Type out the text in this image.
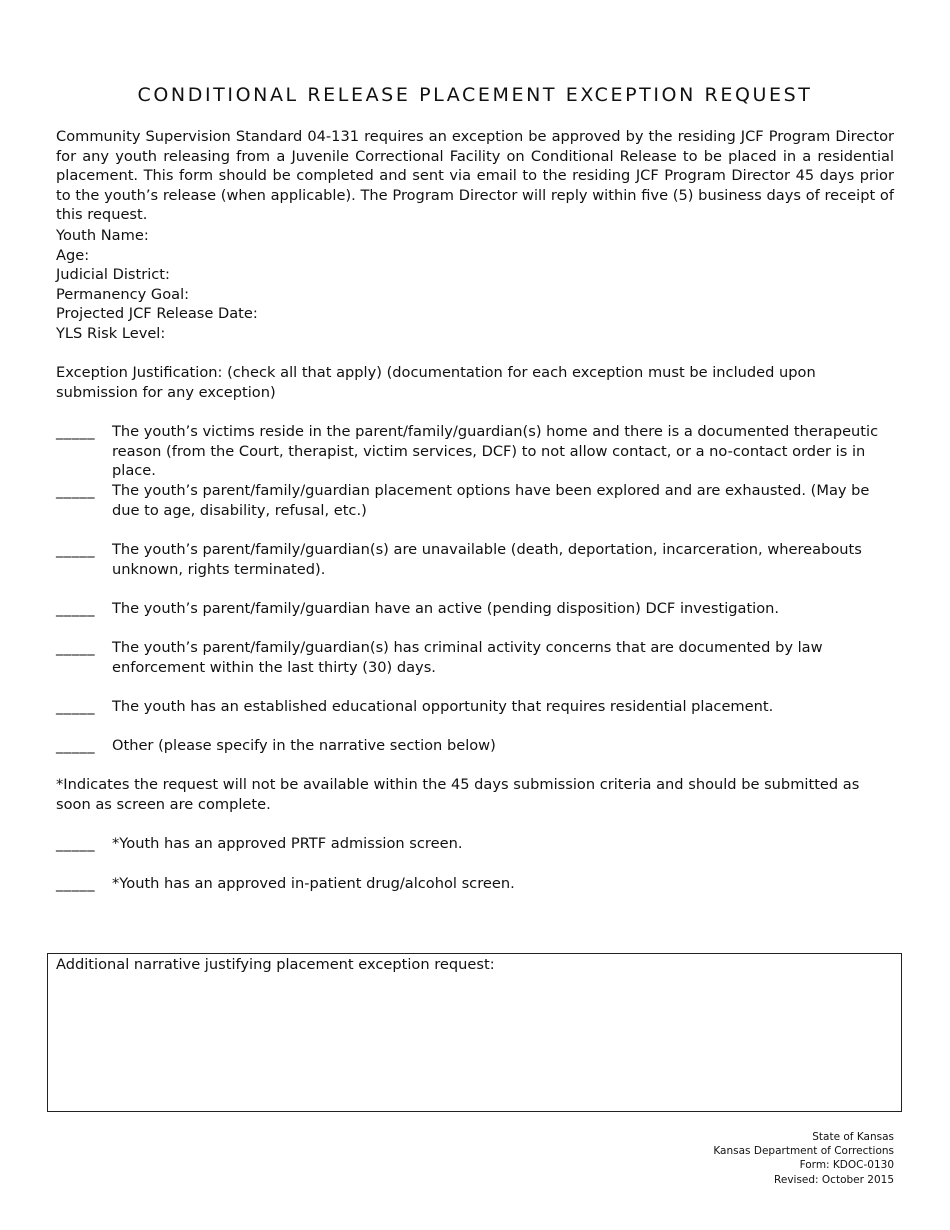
CONDITIONAL RELEASE PLACEMENT EXCEPTION REQUEST

Community Supervision Standard 04-131 requires an exception be approved by the residing JCF Program Director for any youth releasing from a Juvenile Correctional Facility on Conditional Release to be placed in a residential placement. This form should be completed and sent via email to the residing JCF Program Director 45 days prior to the youth’s release (when applicable). The Program Director will reply within five (5) business days of receipt of this request.

Youth Name:
Age:
Judicial District:
Permanency Goal:
Projected JCF Release Date:
YLS Risk Level:

Exception Justification: (check all that apply) (documentation for each exception must be included upon submission for any exception)

_____ The youth’s victims reside in the parent/family/guardian(s) home and there is a documented therapeutic reason (from the Court, therapist, victim services, DCF) to not allow contact, or a no-contact order is in place.
_____ The youth’s parent/family/guardian placement options have been explored and are exhausted. (May be due to age, disability, refusal, etc.)
_____ The youth’s parent/family/guardian(s) are unavailable (death, deportation, incarceration, whereabouts unknown, rights terminated).
_____ The youth’s parent/family/guardian have an active (pending disposition) DCF investigation.
_____ The youth’s parent/family/guardian(s) has criminal activity concerns that are documented by law enforcement within the last thirty (30) days.
_____ The youth has an established educational opportunity that requires residential placement.
_____ Other (please specify in the narrative section below)

*Indicates the request will not be available within the 45 days submission criteria and should be submitted as soon as screen are complete.

_____ *Youth has an approved PRTF admission screen.
_____ *Youth has an approved in-patient drug/alcohol screen.
Additional narrative justifying placement exception request:
State of Kansas
Kansas Department of Corrections
Form: KDOC-0130
Revised: October 2015
